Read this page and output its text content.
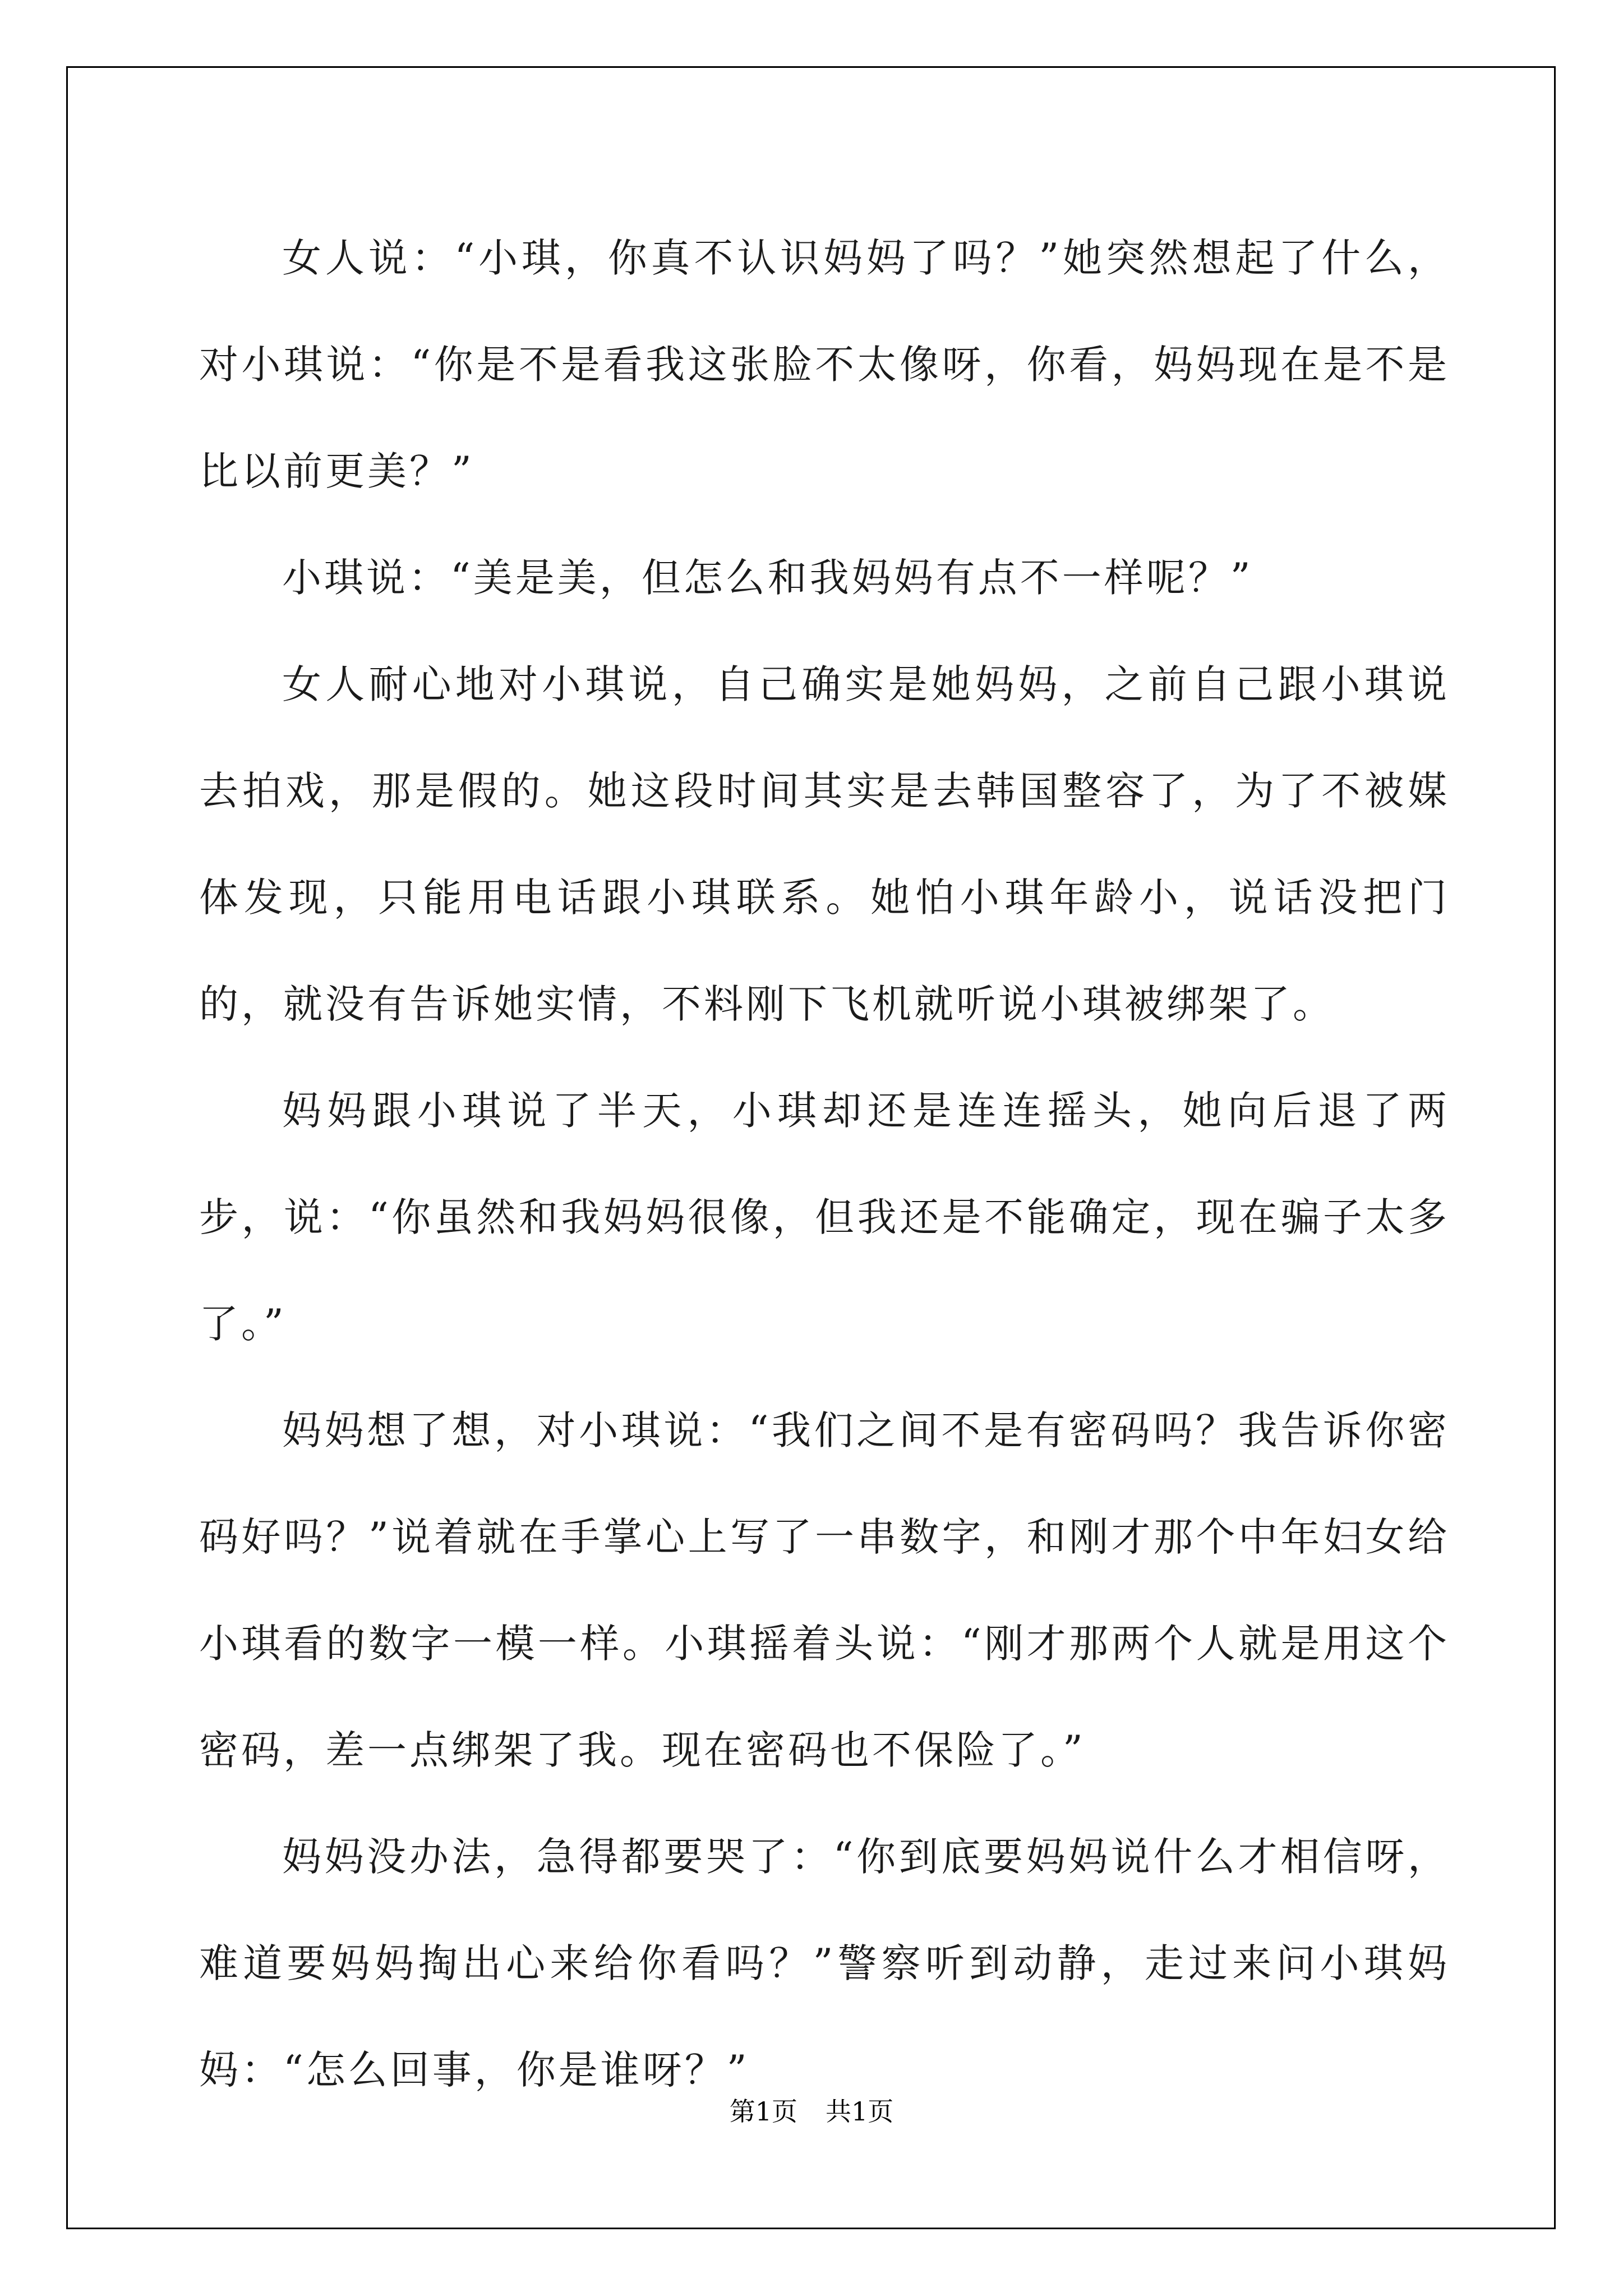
女人说：“小琪，你真不认识妈妈了吗？”她突然想起了什么，对小琪说：“你是不是看我这张脸不太像呀，你看，妈妈现在是不是比以前更美？”

小琪说：“美是美，但怎么和我妈妈有点不一样呢？”

女人耐心地对小琪说，自己确实是她妈妈，之前自己跟小琪说去拍戏，那是假的。她这段时间其实是去韩国整容了，为了不被媒体发现，只能用电话跟小琪联系。她怕小琪年龄小，说话没把门的，就没有告诉她实情，不料刚下飞机就听说小琪被绑架了。

妈妈跟小琪说了半天，小琪却还是连连摇头，她向后退了两步，说：“你虽然和我妈妈很像，但我还是不能确定，现在骗子太多了。”

妈妈想了想，对小琪说：“我们之间不是有密码吗？我告诉你密码好吗？”说着就在手掌心上写了一串数字，和刚才那个中年妇女给小琪看的数字一模一样。小琪摇着头说：“刚才那两个人就是用这个密码，差一点绑架了我。现在密码也不保险了。”

妈妈没办法，急得都要哭了：“你到底要妈妈说什么才相信呀，难道要妈妈掏出心来给你看吗？”警察听到动静，走过来问小琪妈妈：“怎么回事，你是谁呀？”

第1页 共1页
